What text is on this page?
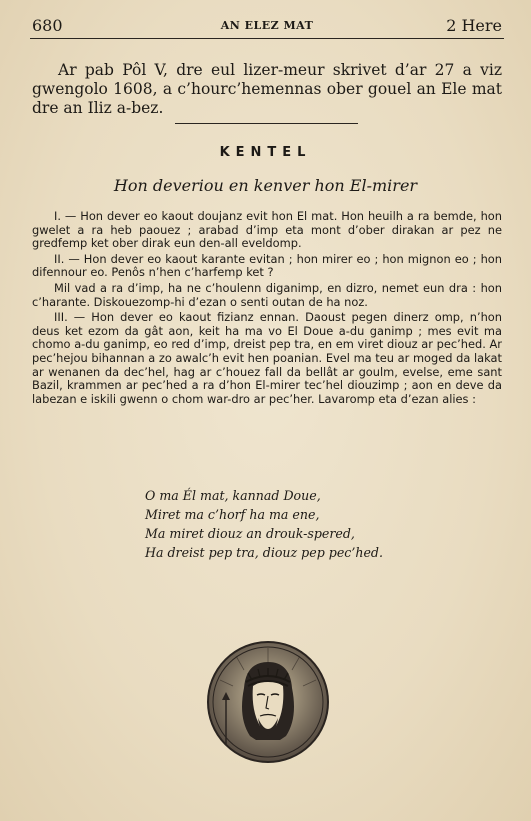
680	AN ELEZ MAT	2 Here

Ar pab Pôl V, dre eul lizer-meur skrivet d’ar 27 a viz gwengolo 1608, a c’hourc’hemennas ober gouel an Ele mat dre an Iliz a-bez.

KENTEL
Hon deveriou en kenver hon El-mirer

I. — Hon dever eo kaout doujanz evit hon El mat. Hon heuilh a ra bemde, hon gwelet a ra heb paouez ; arabad d’imp eta mont d’ober dirakan ar pez ne gredfemp ket ober dirak eun den-all eveldomp.

II. — Hon dever eo kaout karante evitan ; hon mirer eo ; hon mignon eo ; hon difennour eo. Penôs n’hen c’harfemp ket ?

Mil vad a ra d’imp, ha ne c’houlenn diganimp, en dizro, nemet eun dra : hon c’harante. Diskouezomp-hi d’ezan o senti outan de ha noz.

III. — Hon dever eo kaout fizianz ennan. Daoust pegen dinerz omp, n’hon deus ket ezom da gât aon, keit ha ma vo El Doue a-du ganimp ; mes evit ma chomo a-du ganimp, eo red d’imp, dreist pep tra, en em viret diouz ar pec’hed. Ar pec’hejou bihannan a zo awalc’h evit hen poanian. Evel ma teu ar moged da lakat ar wenanen da dec’hel, hag ar c’houez fall da bellât ar goulm, evelse, eme sant Bazil, krammen ar pec’hed a ra d’hon El-mirer tec’hel diouzimp ; aon en deve da labezan e iskili gwenn o chom war-dro ar pec’her. Lavaromp eta d’ezan alies :

O ma Él mat, kannad Doue,
Miret ma c’horf ha ma ene,
Ma miret diouz an drouk-spered,
Ha dreist pep tra, diouz pep pec’hed.
